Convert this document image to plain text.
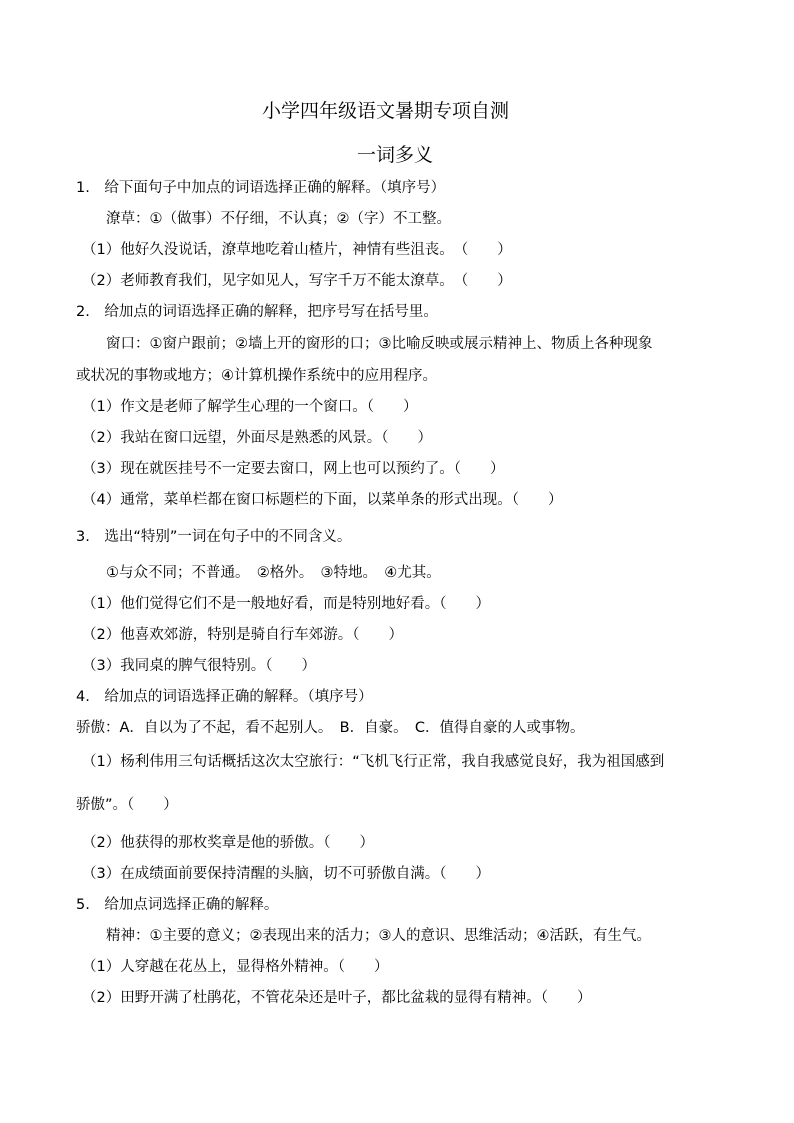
小学四年级语文暑期专项自测
一词多义
1.　给下面句子中加点的词语选择正确的解释。（填序号）
潦草：①（做事）不仔细，不认真；②（字）不工整。
（1）他好久没说话，潦草地吃着山楂片，神情有些沮丧。　（　　）
（2）老师教育我们，见字如见人，写字千万不能太潦草。　（　　）
2.　给加点的词语选择正确的解释，把序号写在括号里。
窗口：①窗户跟前；②墙上开的窗形的口；③比喻反映或展示精神上、物质上各种现象
或状况的事物或地方；④计算机操作系统中的应用程序。
（1）作文是老师了解学生心理的一个窗口。（　　）
（2）我站在窗口远望，外面尽是熟悉的风景。（　　）
（3）现在就医挂号不一定要去窗口，网上也可以预约了。（　　）
（4）通常，菜单栏都在窗口标题栏的下面，以菜单条的形式出现。（　　）
3.　选出“特别”一词在句子中的不同含义。
①与众不同；不普通。　②格外。　③特地。　④尤其。
（1）他们觉得它们不是一般地好看，而是特别地好看。（　　）
（2）他喜欢郊游，特别是骑自行车郊游。（　　）
（3）我同桌的脾气很特别。（　　）
4.　给加点的词语选择正确的解释。（填序号）
骄傲：A．自以为了不起，看不起别人。　B．自豪。　C．值得自豪的人或事物。
（1）杨利伟用三句话概括这次太空旅行：“飞机飞行正常，我自我感觉良好，我为祖国感到
骄傲”。（　　）
（2）他获得的那枚奖章是他的骄傲。（　　）
（3）在成绩面前要保持清醒的头脑，切不可骄傲自满。（　　）
5.　给加点词选择正确的解释。
精神：①主要的意义；②表现出来的活力；③人的意识、思维活动；④活跃，有生气。
（1）人穿越在花丛上，显得格外精神。（　　）
（2）田野开满了杜鹃花，不管花朵还是叶子，都比盆栽的显得有精神。（　　）
